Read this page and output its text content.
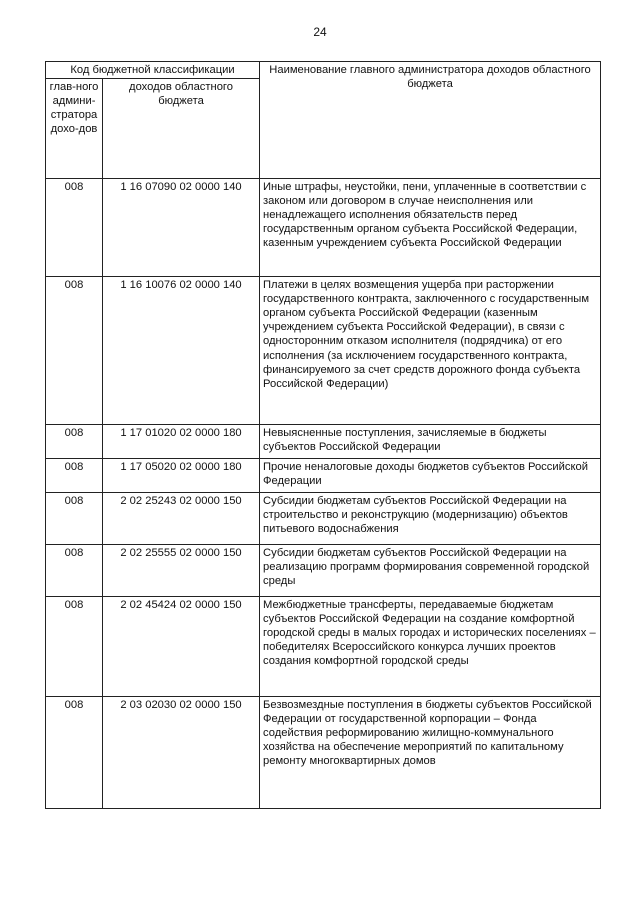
24
Код бюджетной классификации		Наименование главного администратора доходов областного бюджета
глав-ного админи-стратора дохо-дов	доходов областного бюджета	
008	1 16 07090 02 0000 140	Иные штрафы, неустойки, пени, уплаченные в соответствии с законом или договором в случае неисполнения или ненадлежащего исполнения обязательств перед государственным органом субъекта Российской Федерации, казенным учреждением субъекта Российской Федерации
008	1 16 10076 02 0000 140	Платежи в целях возмещения ущерба при расторжении государственного контракта, заключенного с государственным органом субъекта Российской Федерации (казенным учреждением субъекта Российской Федерации), в связи с односторонним отказом исполнителя (подрядчика) от его исполнения (за исключением государственного контракта, финансируемого за счет средств дорожного фонда субъекта Российской Федерации)
008	1 17 01020 02 0000 180	Невыясненные поступления, зачисляемые в бюджеты субъектов Российской Федерации
008	1 17 05020 02 0000 180	Прочие неналоговые доходы бюджетов субъектов Российской Федерации
008	2 02 25243 02 0000 150	Субсидии бюджетам субъектов Российской Федерации на строительство и реконструкцию (модернизацию) объектов питьевого водоснабжения
008	2 02 25555 02 0000 150	Субсидии бюджетам субъектов Российской Федерации на реализацию программ формирования современной городской среды
008	2 02 45424 02 0000 150	Межбюджетные трансферты, передаваемые бюджетам субъектов Российской Федерации на создание комфортной городской среды в малых городах и исторических поселениях – победителях Всероссийского конкурса лучших проектов создания комфортной городской среды
008	2 03 02030 02 0000 150	Безвозмездные поступления в бюджеты субъектов Российской Федерации от государственной корпорации – Фонда содействия реформированию жилищно-коммунального хозяйства на обеспечение мероприятий по капитальному ремонту многоквартирных домов
